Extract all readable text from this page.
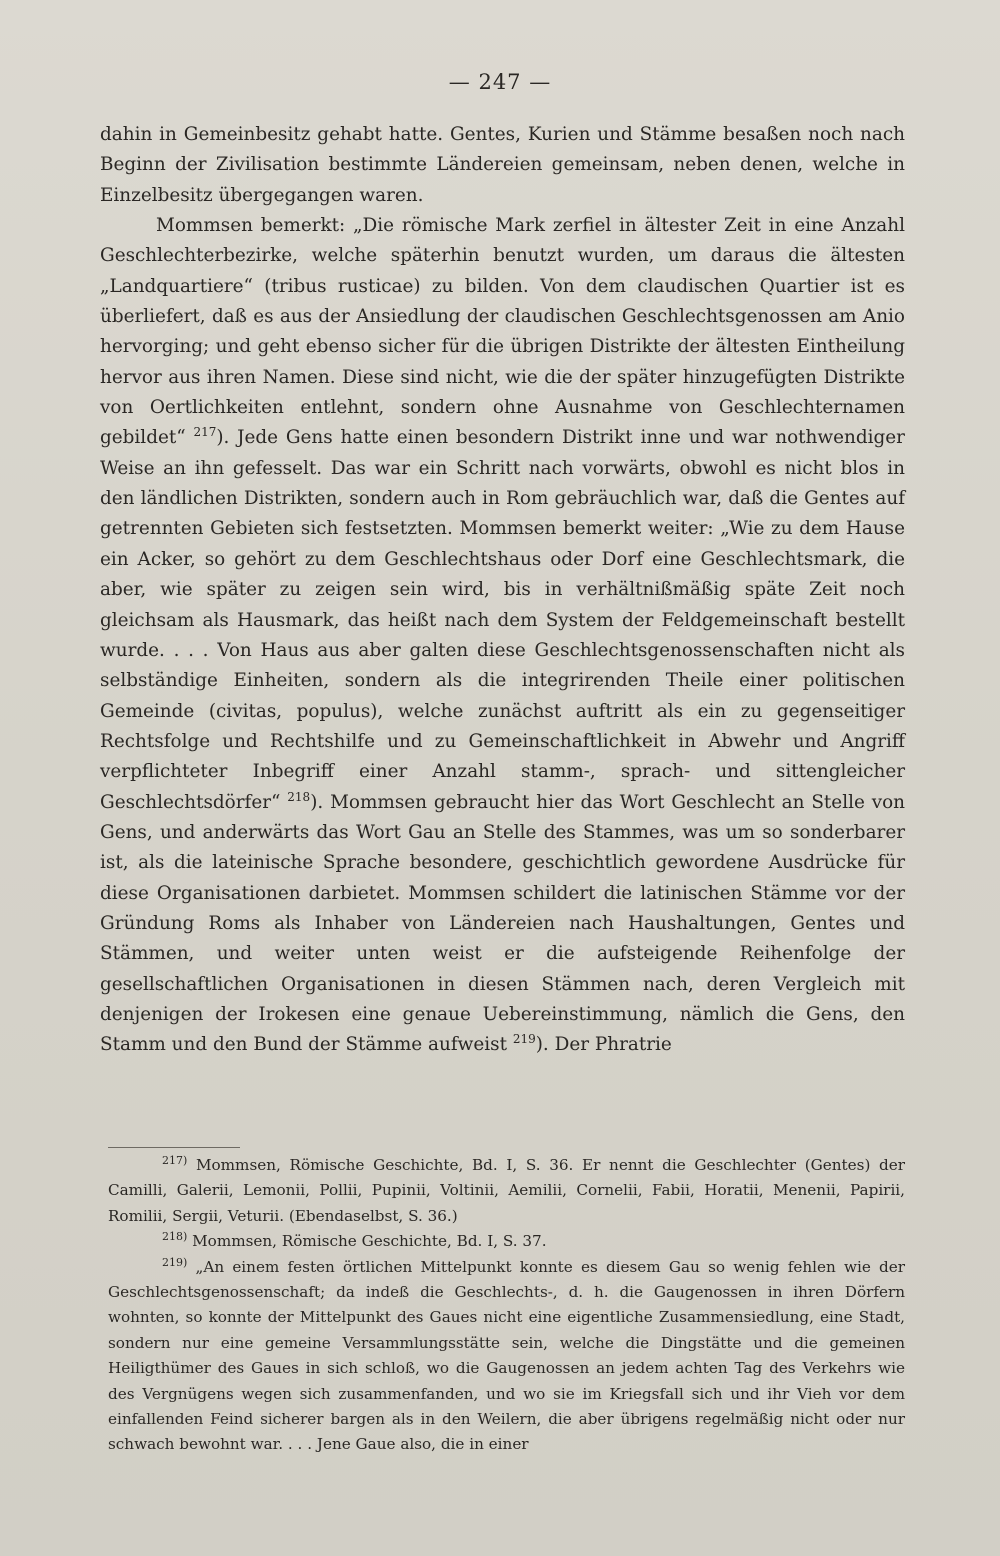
— 247 —

dahin in Gemeinbesitz gehabt hatte. Gentes, Kurien und Stämme besaßen noch nach Beginn der Zivilisation bestimmte Ländereien gemeinsam, neben denen, welche in Einzelbesitz übergegangen waren.

Mommsen bemerkt: „Die römische Mark zerfiel in ältester Zeit in eine Anzahl Geschlechterbezirke, welche späterhin benutzt wurden, um daraus die ältesten „Landquartiere“ (tribus rusticae) zu bilden. Von dem claudischen Quartier ist es überliefert, daß es aus der Ansiedlung der claudischen Geschlechtsgenossen am Anio hervorging; und geht ebenso sicher für die übrigen Distrikte der ältesten Eintheilung hervor aus ihren Namen. Diese sind nicht, wie die der später hinzugefügten Distrikte von Oertlichkeiten entlehnt, sondern ohne Ausnahme von Geschlechternamen gebildet“ $^{217}$). Jede Gens hatte einen besondern Distrikt inne und war nothwendiger Weise an ihn gefesselt. Das war ein Schritt nach vorwärts, obwohl es nicht blos in den ländlichen Distrikten, sondern auch in Rom gebräuchlich war, daß die Gentes auf getrennten Gebieten sich festsetzten. Mommsen bemerkt weiter: „Wie zu dem Hause ein Acker, so gehört zu dem Geschlechtshaus oder Dorf eine Geschlechtsmark, die aber, wie später zu zeigen sein wird, bis in verhältnißmäßig späte Zeit noch gleichsam als Hausmark, das heißt nach dem System der Feldgemeinschaft bestellt wurde. . . . Von Haus aus aber galten diese Geschlechtsgenossenschaften nicht als selbständige Einheiten, sondern als die integrirenden Theile einer politischen Gemeinde (civitas, populus), welche zunächst auftritt als ein zu gegenseitiger Rechtsfolge und Rechtshilfe und zu Gemeinschaftlichkeit in Abwehr und Angriff verpflichteter Inbegriff einer Anzahl stamm-, sprach- und sittengleicher Geschlechtsdörfer“ $^{218}$). Mommsen gebraucht hier das Wort Geschlecht an Stelle von Gens, und anderwärts das Wort Gau an Stelle des Stammes, was um so sonderbarer ist, als die lateinische Sprache besondere, geschichtlich gewordene Ausdrücke für diese Organisationen darbietet. Mommsen schildert die latinischen Stämme vor der Gründung Roms als Inhaber von Ländereien nach Haushaltungen, Gentes und Stämmen, und weiter unten weist er die aufsteigende Reihenfolge der gesellschaftlichen Organisationen in diesen Stämmen nach, deren Vergleich mit denjenigen der Irokesen eine genaue Uebereinstimmung, nämlich die Gens, den Stamm und den Bund der Stämme aufweist $^{219}$). Der Phratrie

$^{217)}$ Mommsen, Römische Geschichte, Bd. I, S. 36. Er nennt die Geschlechter (Gentes) der Camilli, Galerii, Lemonii, Pollii, Pupinii, Voltinii, Aemilii, Cornelii, Fabii, Horatii, Menenii, Papirii, Romilii, Sergii, Veturii. (Ebendaselbst, S. 36.)

$^{218)}$ Mommsen, Römische Geschichte, Bd. I, S. 37.

$^{219)}$ „An einem festen örtlichen Mittelpunkt konnte es diesem Gau so wenig fehlen wie der Geschlechtsgenossenschaft; da indeß die Geschlechts-, d. h. die Gaugenossen in ihren Dörfern wohnten, so konnte der Mittelpunkt des Gaues nicht eine eigentliche Zusammensiedlung, eine Stadt, sondern nur eine gemeine Versammlungsstätte sein, welche die Dingstätte und die gemeinen Heiligthümer des Gaues in sich schloß, wo die Gaugenossen an jedem achten Tag des Verkehrs wie des Vergnügens wegen sich zusammenfanden, und wo sie im Kriegsfall sich und ihr Vieh vor dem einfallenden Feind sicherer bargen als in den Weilern, die aber übrigens regelmäßig nicht oder nur schwach bewohnt war. . . . Jene Gaue also, die in einer
